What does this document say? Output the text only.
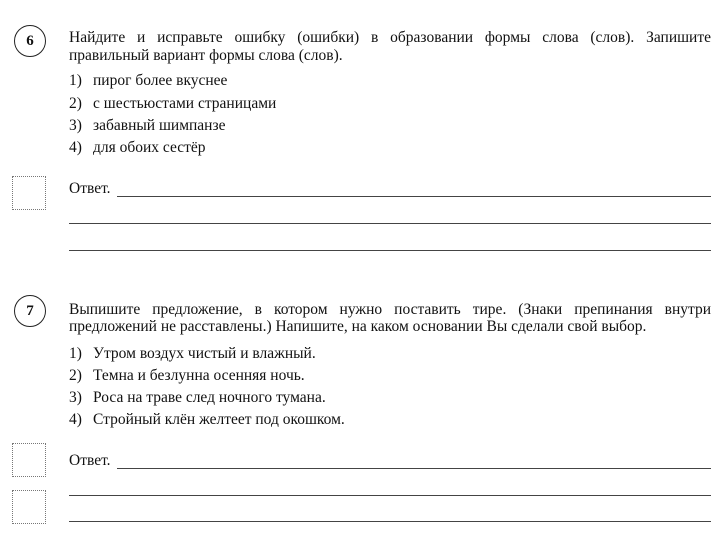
6	Найдите и исправьте ошибку (ошибки) в образовании формы слова (слов). Запишите
правильный вариант формы слова (слов).
1) пирог более вкуснее
2) с шестьюстами страницами
3) забавный шимпанзе
4) для обоих сестёр
Ответ.
7	Выпишите предложение, в котором нужно поставить тире. (Знаки препинания внутри
предложений не расставлены.) Напишите, на каком основании Вы сделали свой выбор.
1) Утром воздух чистый и влажный.
2) Темна и безлунна осенняя ночь.
3) Роса на траве след ночного тумана.
4) Стройный клён желтеет под окошком.
Ответ.
